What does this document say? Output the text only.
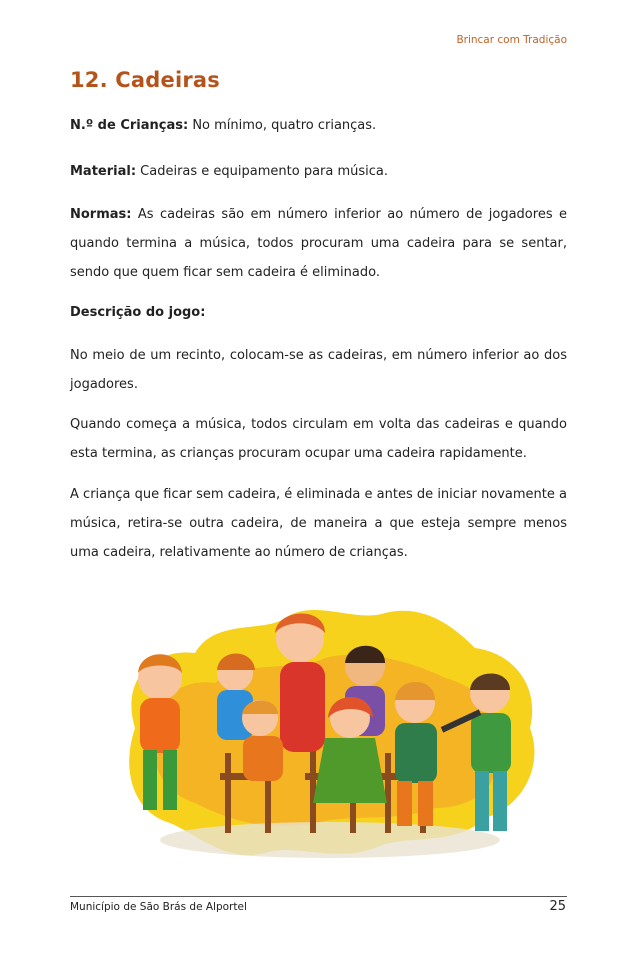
Brincar com Tradição
12. Cadeiras

N.º de Crianças: No mínimo, quatro crianças.

Material: Cadeiras e equipamento para música.

Normas: As cadeiras são em número inferior ao número de jogadores e quando termina a música, todos procuram uma cadeira para se sentar, sendo que quem ficar sem cadeira é eliminado.

Descrição do jogo:

No meio de um recinto, colocam-se as cadeiras, em número inferior ao dos jogadores.

Quando começa a música, todos circulam em volta das cadeiras e quando esta termina, as crianças procuram ocupar uma cadeira rapidamente.

A criança que ficar sem cadeira, é eliminada e antes de iniciar novamente a música, retira-se outra cadeira, de maneira a que esteja sempre menos uma cadeira, relativamente ao número de crianças.

Município de São Brás de Alportel	25
